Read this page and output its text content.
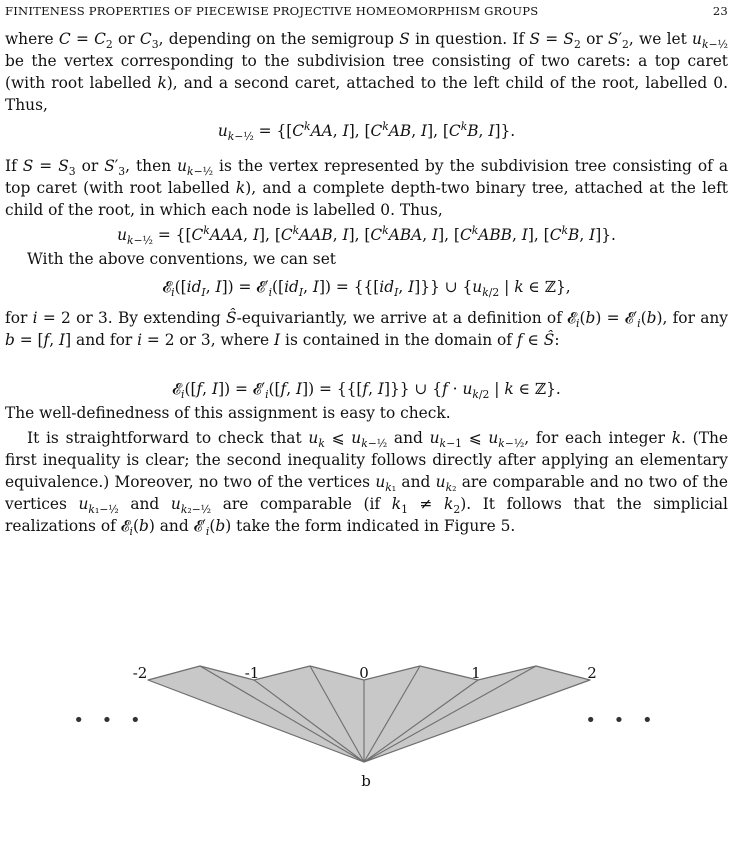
FINITENESS PROPERTIES OF PIECEWISE PROJECTIVE HOMEOMORPHISM GROUPS	23

where $C = C_2$ or $C_3$, depending on the semigroup S in question. If $S = S_2$ or $S'_2$, we let $u_{k-\frac{1}{2}}$ be the vertex corresponding to the subdivision tree consisting of two carets: a top caret (with root labelled k), and a second caret, attached to the left child of the root, labelled 0. Thus,

$u_{k-\frac{1}{2}} = \{[C^kAA$, I], [$C^kAB$, I], [$C^kB$, I]}.

If $S = S_3$ or $S'_3$, then $u_{k-\frac{1}{2}}$ is the vertex represented by the subdivision tree consisting of a top caret (with root labelled k), and a complete depth-two binary tree, attached at the left child of the root, in which each node is labelled 0. Thus,

$u_{k-\frac{1}{2}} = \{[C^kAAA$, I], [$C^kAAB$, I], [$C^kABA$, I], [$C^kABB$, I], [$C^kB$, I]}.

With the above conventions, we can set

$𝓔_i([id_I$, $I]) = 𝓔'_i([id_I$, $I]) = \{\{[id_I$, I]}} ∪ {$u_{k/2}$ | k ∈ ℤ},

for i = 2 or 3. By extending Ŝ-equivariantly, we arrive at a definition of 𝓔$_i$(b) = $𝓔'_i(b)$, for any b = [f, I] and for i = 2 or 3, where I is contained in the domain of f ∈ Ŝ:

𝓔$_i$([f, $I]) = 𝓔'_i([f$, I]) = {{[f, I]}} ∪ {$f \cdot u_{k/2}$ | k ∈ ℤ}.

The well-definedness of this assignment is easy to check.

It is straightforward to check that $u_k$ ⩽ $u_{k-\frac{1}{2}}$ and $u_{k-1}$ ⩽ $u_{k-\frac{1}{2}}$, for each integer k. (The first inequality is clear; the second inequality follows directly after applying an elementary equivalence.) Moreover, no two of the vertices $u_{k_1}$ and $u_{k_2}$ are comparable and no two of the vertices $u_{k_1-\frac{1}{2}}$ and $u_{k_2-\frac{1}{2}}$ are comparable (if $k_1 \ne k_2$). It follows that the simplicial realizations of 𝓔$_i$(b) and $𝓔'_i(b)$ take the form indicated in Figure 5.

-2	-1	0	1	2
b
• • •	• • •
